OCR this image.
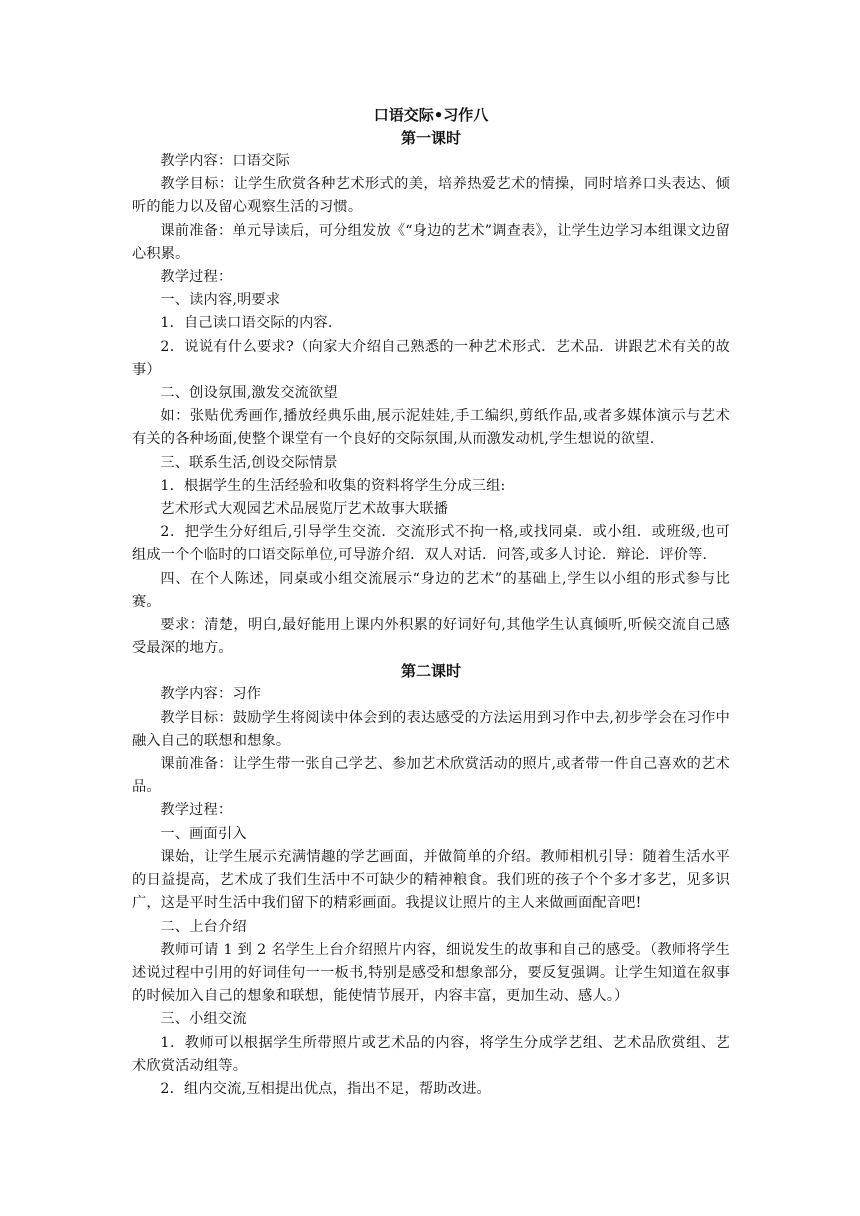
口语交际•习作八
第一课时

教学内容：口语交际

教学目标：让学生欣赏各种艺术形式的美，培养热爱艺术的情操，同时培养口头表达、倾听的能力以及留心观察生活的习惯。

课前准备：单元导读后，可分组发放《“身边的艺术”调查表》，让学生边学习本组课文边留心积累。

教学过程：

一、读内容,明要求

1．自己读口语交际的内容.

2．说说有什么要求?（向家大介绍自己熟悉的一种艺术形式．艺术品．讲跟艺术有关的故事）

二、创设氛围,激发交流欲望

如：张贴优秀画作,播放经典乐曲,展示泥娃娃,手工编织,剪纸作品,或者多媒体演示与艺术有关的各种场面,使整个课堂有一个良好的交际氛围,从而激发动机,学生想说的欲望.

三、联系生活,创设交际情景

1．根据学生的生活经验和收集的资料将学生分成三组:

艺术形式大观园艺术品展览厅艺术故事大联播

2．把学生分好组后,引导学生交流．交流形式不拘一格,或找同桌．或小组．或班级,也可组成一个个临时的口语交际单位,可导游介绍．双人对话．问答,或多人讨论．辩论．评价等.

四、在个人陈述，同桌或小组交流展示“身边的艺术”的基础上,学生以小组的形式参与比赛。

要求：清楚，明白,最好能用上课内外积累的好词好句,其他学生认真倾听,听候交流自己感受最深的地方。

第二课时

教学内容：习作

教学目标：鼓励学生将阅读中体会到的表达感受的方法运用到习作中去,初步学会在习作中融入自己的联想和想象。

课前准备：让学生带一张自己学艺、参加艺术欣赏活动的照片,或者带一件自己喜欢的艺术品。

教学过程：

一、画面引入

课始，让学生展示充满情趣的学艺画面，并做简单的介绍。教师相机引导：随着生活水平的日益提高，艺术成了我们生活中不可缺少的精神粮食。我们班的孩子个个多才多艺，见多识广，这是平时生活中我们留下的精彩画面。我提议让照片的主人来做画面配音吧!

二、上台介绍

教师可请 1 到 2 名学生上台介绍照片内容，细说发生的故事和自己的感受。（教师将学生述说过程中引用的好词佳句一一板书,特别是感受和想象部分，要反复强调。让学生知道在叙事的时候加入自己的想象和联想，能使情节展开，内容丰富，更加生动、感人。）

三、小组交流

1．教师可以根据学生所带照片或艺术品的内容，将学生分成学艺组、艺术品欣赏组、艺术欣赏活动组等。

2．组内交流,互相提出优点，指出不足，帮助改进。
